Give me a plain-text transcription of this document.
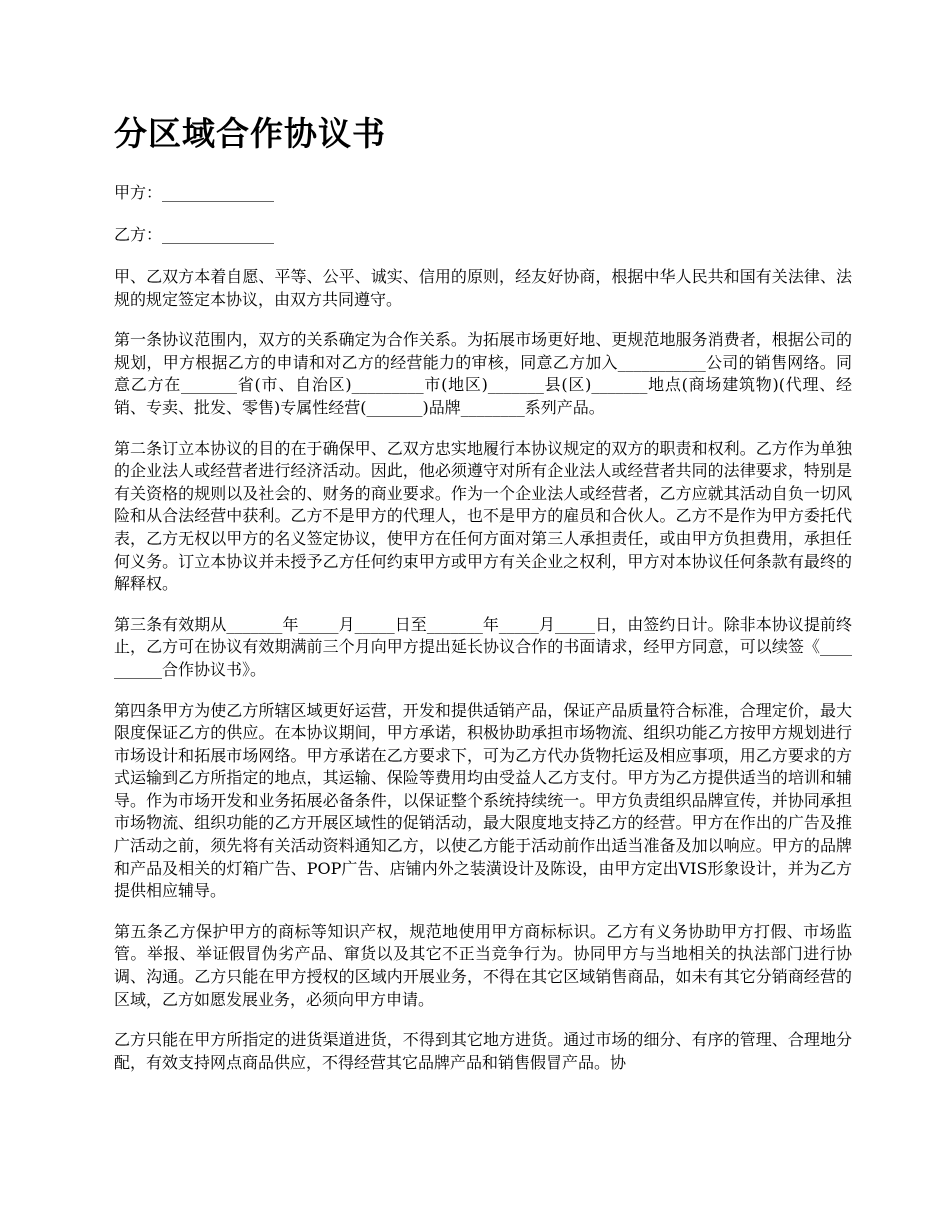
分区域合作协议书

甲方：______________

乙方：______________

甲、乙双方本着自愿、平等、公平、诚实、信用的原则，经友好协商，根据中华人民共和国有关法律、法规的规定签定本协议，由双方共同遵守。

第一条协议范围内，双方的关系确定为合作关系。为拓展市场更好地、更规范地服务消费者，根据公司的规划，甲方根据乙方的申请和对乙方的经营能力的审核，同意乙方加入___________公司的销售网络。同意乙方在_______省(市、自治区)_________市(地区)_______县(区)_______地点(商场建筑物)(代理、经销、专卖、批发、零售)专属性经营(_______)品牌________系列产品。

第二条订立本协议的目的在于确保甲、乙双方忠实地履行本协议规定的双方的职责和权利。乙方作为单独的企业法人或经营者进行经济活动。因此，他必须遵守对所有企业法人或经营者共同的法律要求，特别是有关资格的规则以及社会的、财务的商业要求。作为一个企业法人或经营者，乙方应就其活动自负一切风险和从合法经营中获利。乙方不是甲方的代理人，也不是甲方的雇员和合伙人。乙方不是作为甲方委托代表，乙方无权以甲方的名义签定协议，使甲方在任何方面对第三人承担责任，或由甲方负担费用，承担任何义务。订立本协议并未授予乙方任何约束甲方或甲方有关企业之权利，甲方对本协议任何条款有最终的解释权。

第三条有效期从_______年_____月_____日至_______年_____月_____日，由签约日计。除非本协议提前终止，乙方可在协议有效期满前三个月向甲方提出延长协议合作的书面请求，经甲方同意，可以续签《__________合作协议书》。

第四条甲方为使乙方所辖区域更好运营，开发和提供适销产品，保证产品质量符合标准，合理定价，最大限度保证乙方的供应。在本协议期间，甲方承诺，积极协助承担市场物流、组织功能乙方按甲方规划进行市场设计和拓展市场网络。甲方承诺在乙方要求下，可为乙方代办货物托运及相应事项，用乙方要求的方式运输到乙方所指定的地点，其运输、保险等费用均由受益人乙方支付。甲方为乙方提供适当的培训和辅导。作为市场开发和业务拓展必备条件，以保证整个系统持续统一。甲方负责组织品牌宣传，并协同承担市场物流、组织功能的乙方开展区域性的促销活动，最大限度地支持乙方的经营。甲方在作出的广告及推广活动之前，须先将有关活动资料通知乙方，以使乙方能于活动前作出适当准备及加以响应。甲方的品牌和产品及相关的灯箱广告、POP广告、店铺内外之装潢设计及陈设，由甲方定出VIS形象设计，并为乙方提供相应辅导。

第五条乙方保护甲方的商标等知识产权，规范地使用甲方商标标识。乙方有义务协助甲方打假、市场监管。举报、举证假冒伪劣产品、窜货以及其它不正当竞争行为。协同甲方与当地相关的执法部门进行协调、沟通。乙方只能在甲方授权的区域内开展业务，不得在其它区域销售商品，如未有其它分销商经营的区域，乙方如愿发展业务，必须向甲方申请。

乙方只能在甲方所指定的进货渠道进货，不得到其它地方进货。通过市场的细分、有序的管理、合理地分配，有效支持网点商品供应，不得经营其它品牌产品和销售假冒产品。协
